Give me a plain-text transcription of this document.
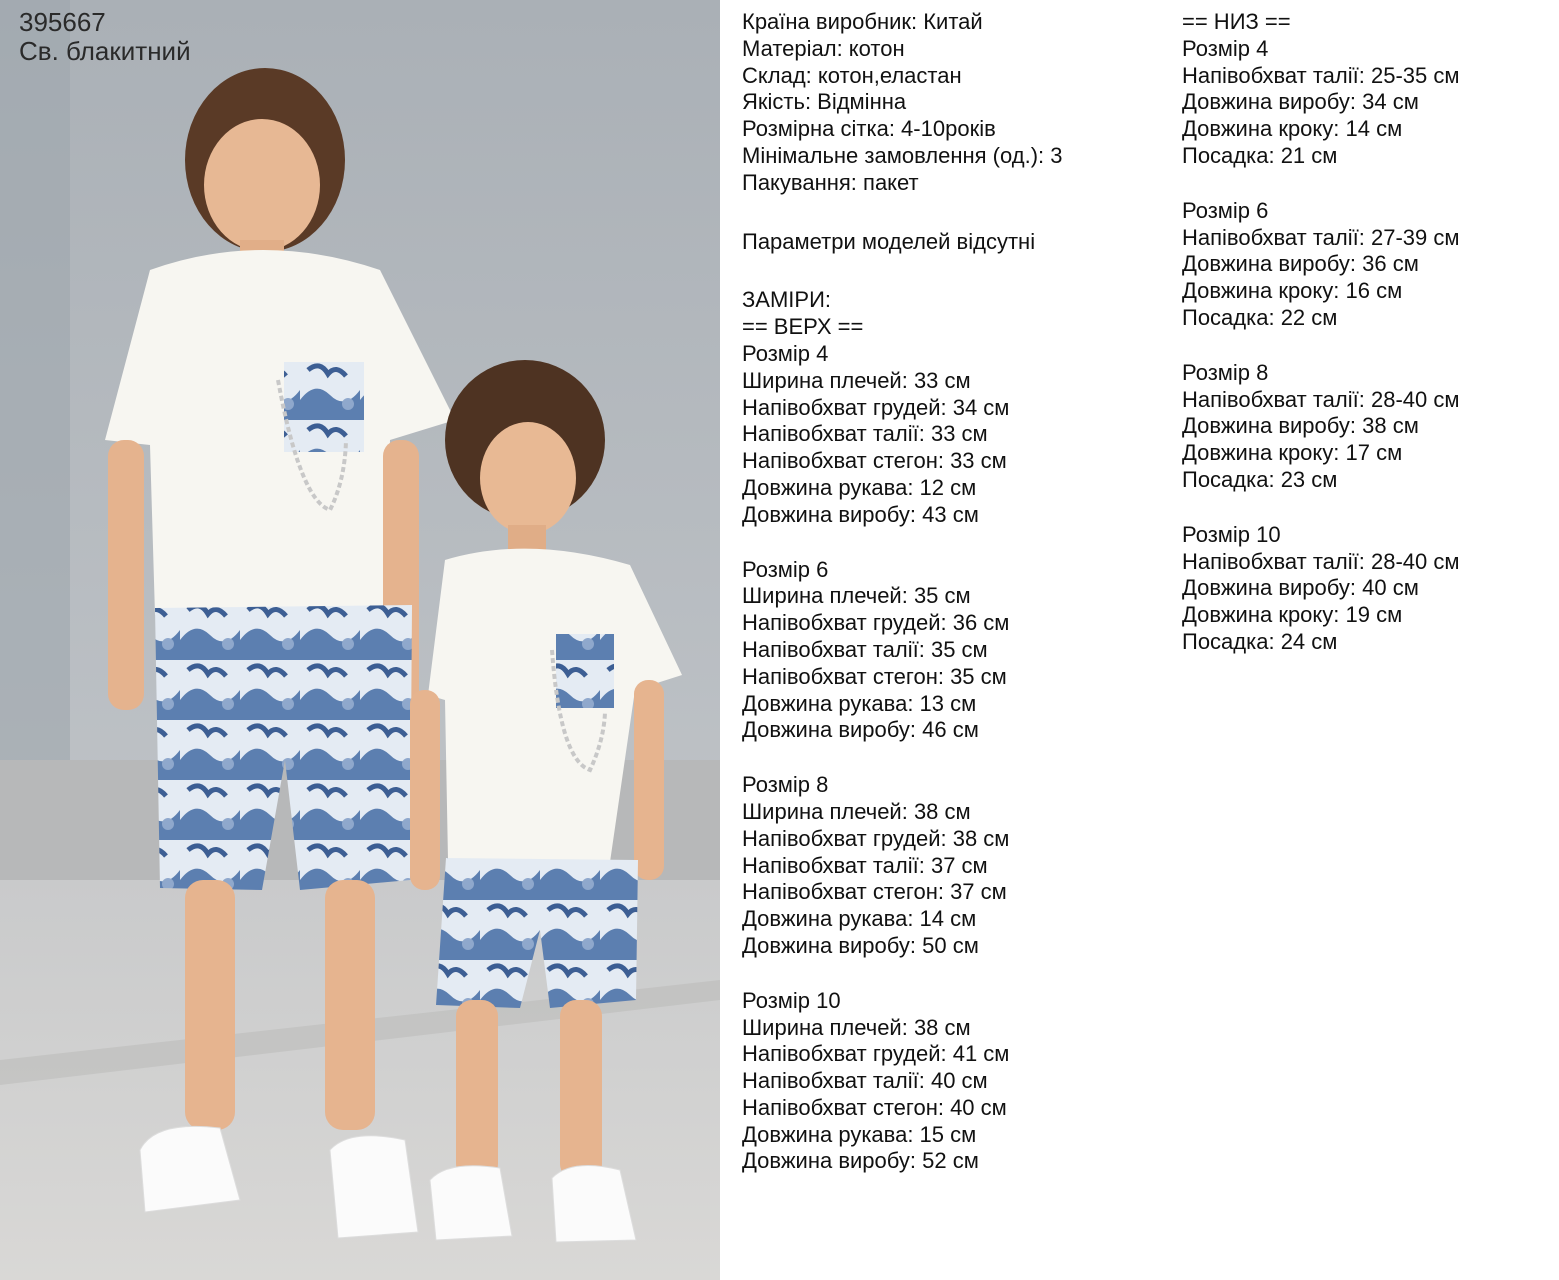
395667
Св. блакитний
Країна виробник: Китай
Матеріал: котон
Склад: котон,еластан
Якість: Відмінна
Розмірна сітка: 4-10років
Мінімальне замовлення (од.): 3
Пакування: пакет
Параметри моделей відсутні
ЗАМІРИ:
== ВЕРХ ==
Розмір 4
Ширина плечей: 33 см
Напівобхват грудей: 34 см
Напівобхват талії: 33 см
Напівобхват стегон: 33 см
Довжина рукава: 12 см
Довжина виробу: 43 см
Розмір 6
Ширина плечей: 35 см
Напівобхват грудей: 36 см
Напівобхват талії: 35 см
Напівобхват стегон: 35 см
Довжина рукава: 13 см
Довжина виробу: 46 см
Розмір 8
Ширина плечей: 38 см
Напівобхват грудей: 38 см
Напівобхват талії: 37 см
Напівобхват стегон: 37 см
Довжина рукава: 14 см
Довжина виробу: 50 см
Розмір 10
Ширина плечей: 38 см
Напівобхват грудей: 41 см
Напівобхват талії: 40 см
Напівобхват стегон: 40 см
Довжина рукава: 15 см
Довжина виробу: 52 см
== НИЗ ==
Розмір 4
Напівобхват талії: 25-35 см
Довжина виробу: 34 см
Довжина кроку: 14 см
Посадка: 21 см
Розмір 6
Напівобхват талії: 27-39 см
Довжина виробу: 36 см
Довжина кроку: 16 см
Посадка: 22 см
Розмір 8
Напівобхват талії: 28-40 см
Довжина виробу: 38 см
Довжина кроку: 17 см
Посадка: 23 см
Розмір 10
Напівобхват талії: 28-40 см
Довжина виробу: 40 см
Довжина кроку: 19 см
Посадка: 24 см
